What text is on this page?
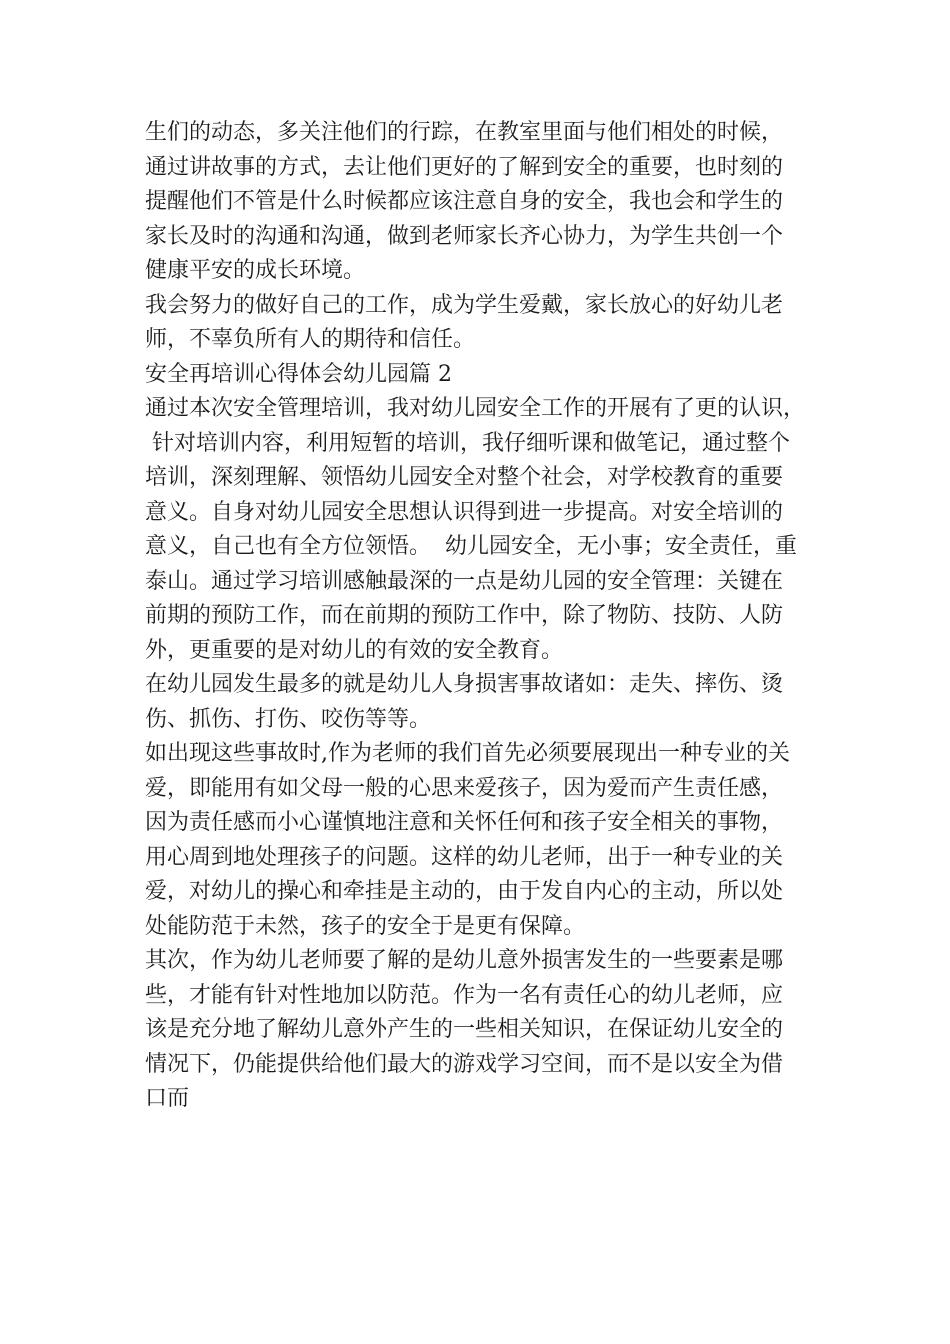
生们的动态，多关注他们的行踪，在教室里面与他们相处的时候，
通过讲故事的方式，去让他们更好的了解到安全的重要，也时刻的
提醒他们不管是什么时候都应该注意自身的安全，我也会和学生的
家长及时的沟通和沟通，做到老师家长齐心协力，为学生共创一个
健康平安的成长环境。
我会努力的做好自己的工作，成为学生爱戴，家长放心的好幼儿老
师，不辜负所有人的期待和信任。
安全再培训心得体会幼儿园篇 2
通过本次安全管理培训，我对幼儿园安全工作的开展有了更的认识，
针对培训内容，利用短暂的培训，我仔细听课和做笔记，通过整个
培训，深刻理解、领悟幼儿园安全对整个社会，对学校教育的重要
意义。自身对幼儿园安全思想认识得到进一步提高。对安全培训的
意义，自己也有全方位领悟。  幼儿园安全，无小事；安全责任，重
泰山。通过学习培训感触最深的一点是幼儿园的安全管理：关键在
前期的预防工作，而在前期的预防工作中，除了物防、技防、人防
外，更重要的是对幼儿的有效的安全教育。
在幼儿园发生最多的就是幼儿人身损害事故诸如：走失、摔伤、烫
伤、抓伤、打伤、咬伤等等。
如出现这些事故时,作为老师的我们首先必须要展现出一种专业的关
爱，即能用有如父母一般的心思来爱孩子，因为爱而产生责任感，
因为责任感而小心谨慎地注意和关怀任何和孩子安全相关的事物，
用心周到地处理孩子的问题。这样的幼儿老师，出于一种专业的关
爱，对幼儿的操心和牵挂是主动的，由于发自内心的主动，所以处
处能防范于未然，孩子的安全于是更有保障。
其次，作为幼儿老师要了解的是幼儿意外损害发生的一些要素是哪
些，才能有针对性地加以防范。作为一名有责任心的幼儿老师，应
该是充分地了解幼儿意外产生的一些相关知识，在保证幼儿安全的
情况下，仍能提供给他们最大的游戏学习空间，而不是以安全为借
口而
